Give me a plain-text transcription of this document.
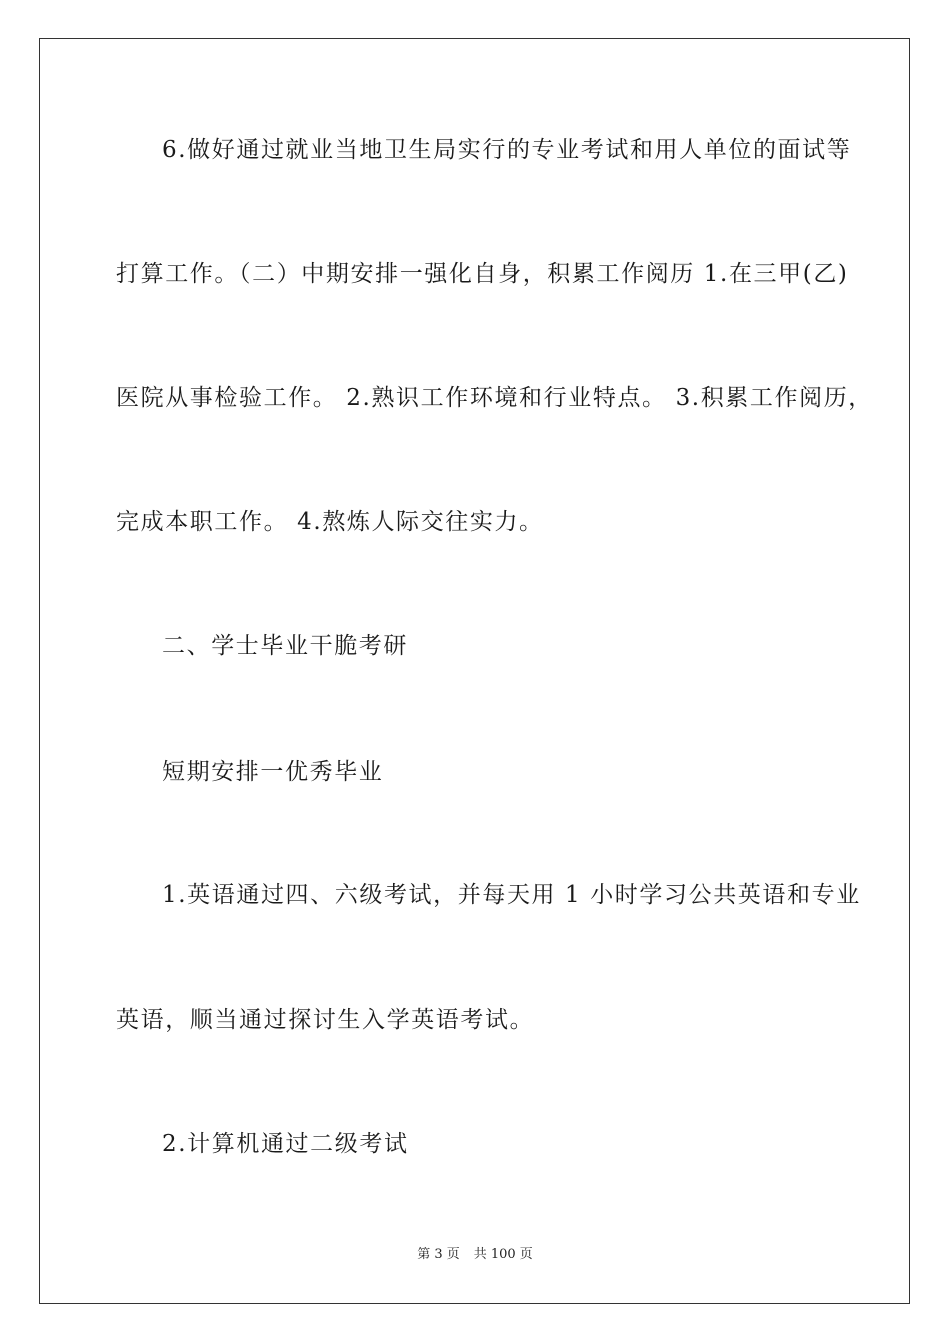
6.做好通过就业当地卫生局实行的专业考试和用人单位的面试等
打算工作。（二）中期安排一强化自身，积累工作阅历 1.在三甲(乙)
医院从事检验工作。 2.熟识工作环境和行业特点。 3.积累工作阅历，
完成本职工作。 4.熬炼人际交往实力。
二、学士毕业干脆考研
短期安排一优秀毕业
1.英语通过四、六级考试，并每天用 1 小时学习公共英语和专业
英语，顺当通过探讨生入学英语考试。
2.计算机通过二级考试
第 3 页 共 100 页
